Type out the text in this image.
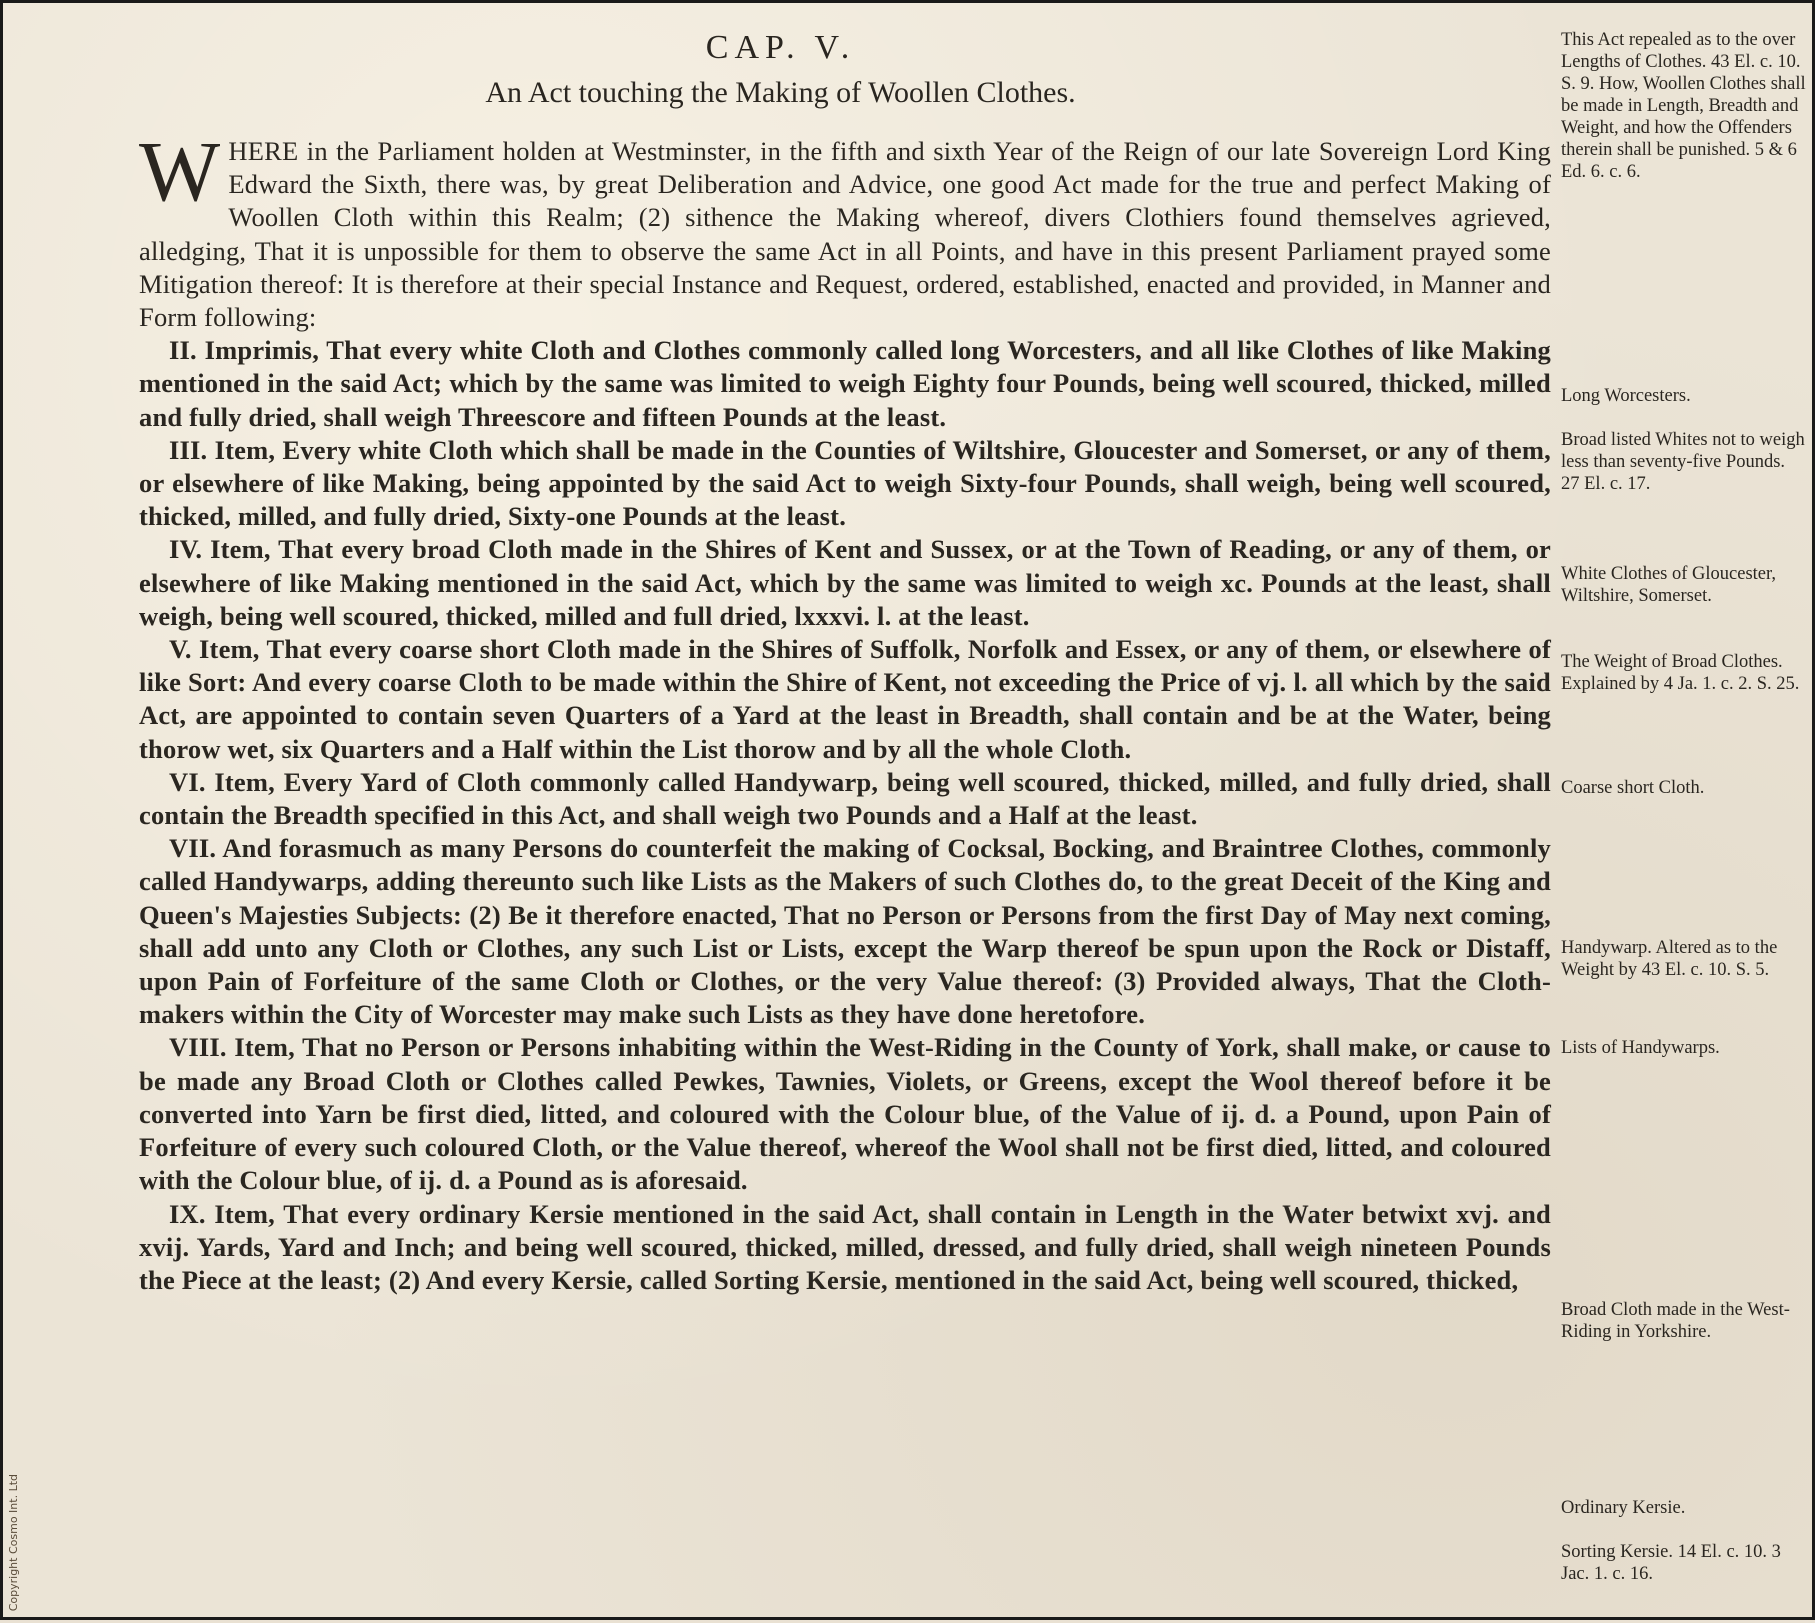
CAP. V.
An Act touching the Making of Woollen Clothes.

WHERE in the Parliament holden at Westminster, in the fifth and sixth Year of the Reign of our late Sovereign Lord King Edward the Sixth, there was, by great Deliberation and Advice, one good Act made for the true and perfect Making of Woollen Cloth within this Realm; (2) sithence the Making whereof, divers Clothiers found themselves agrieved, alledging, That it is unpossible for them to observe the same Act in all Points, and have in this present Parliament prayed some Mitigation thereof: It is therefore at their special Instance and Request, ordered, established, enacted and provided, in Manner and Form following:

II. Imprimis, That every white Cloth and Clothes commonly called long Worcesters, and all like Clothes of like Making mentioned in the said Act; which by the same was limited to weigh Eighty four Pounds, being well scoured, thicked, milled and fully dried, shall weigh Threescore and fifteen Pounds at the least.

III. Item, Every white Cloth which shall be made in the Counties of Wiltshire, Gloucester and Somerset, or any of them, or elsewhere of like Making, being appointed by the said Act to weigh Sixty-four Pounds, shall weigh, being well scoured, thicked, milled, and fully dried, Sixty-one Pounds at the least.

IV. Item, That every broad Cloth made in the Shires of Kent and Sussex, or at the Town of Reading, or any of them, or elsewhere of like Making mentioned in the said Act, which by the same was limited to weigh xc. Pounds at the least, shall weigh, being well scoured, thicked, milled and full dried, lxxxvi. l. at the least.

V. Item, That every coarse short Cloth made in the Shires of Suffolk, Norfolk and Essex, or any of them, or elsewhere of like Sort: And every coarse Cloth to be made within the Shire of Kent, not exceeding the Price of vj. l. all which by the said Act, are appointed to contain seven Quarters of a Yard at the least in Breadth, shall contain and be at the Water, being thorow wet, six Quarters and a Half within the List thorow and by all the whole Cloth.

VI. Item, Every Yard of Cloth commonly called Handywarp, being well scoured, thicked, milled, and fully dried, shall contain the Breadth specified in this Act, and shall weigh two Pounds and a Half at the least.

VII. And forasmuch as many Persons do counterfeit the making of Cocksal, Bocking, and Braintree Clothes, commonly called Handywarps, adding thereunto such like Lists as the Makers of such Clothes do, to the great Deceit of the King and Queen's Majesties Subjects: (2) Be it therefore enacted, That no Person or Persons from the first Day of May next coming, shall add unto any Cloth or Clothes, any such List or Lists, except the Warp thereof be spun upon the Rock or Distaff, upon Pain of Forfeiture of the same Cloth or Clothes, or the very Value thereof: (3) Provided always, That the Cloth-makers within the City of Worcester may make such Lists as they have done heretofore.

VIII. Item, That no Person or Persons inhabiting within the West-Riding in the County of York, shall make, or cause to be made any Broad Cloth or Clothes called Pewkes, Tawnies, Violets, or Greens, except the Wool thereof before it be converted into Yarn be first died, litted, and coloured with the Colour blue, of the Value of ij. d. a Pound, upon Pain of Forfeiture of every such coloured Cloth, or the Value thereof, whereof the Wool shall not be first died, litted, and coloured with the Colour blue, of ij. d. a Pound as is aforesaid.

IX. Item, That every ordinary Kersie mentioned in the said Act, shall contain in Length in the Water betwixt xvj. and xvij. Yards, Yard and Inch; and being well scoured, thicked, milled, dressed, and fully dried, shall weigh nineteen Pounds the Piece at the least; (2) And every Kersie, called Sorting Kersie, mentioned in the said Act, being well scoured, thicked,

This Act repealed as to the over Lengths of Clothes. 43 El. c. 10. S. 9. How, Woollen Clothes shall be made in Length, Breadth and Weight, and how the Offenders therein shall be punished. 5 & 6 Ed. 6. c. 6.

Long Worcesters.

Broad listed Whites not to weigh less than seventy-five Pounds. 27 El. c. 17.

White Clothes of Gloucester, Wiltshire, Somerset.

The Weight of Broad Clothes. Explained by 4 Ja. 1. c. 2. S. 25.

Coarse short Cloth.

Handywarp. Altered as to the Weight by 43 El. c. 10. S. 5.

Lists of Handywarps.

Broad Cloth made in the West-Riding in Yorkshire.

Ordinary Kersie.

Sorting Kersie. 14 El. c. 10. 3 Jac. 1. c. 16.

Copyright Cosmo Int. Ltd
